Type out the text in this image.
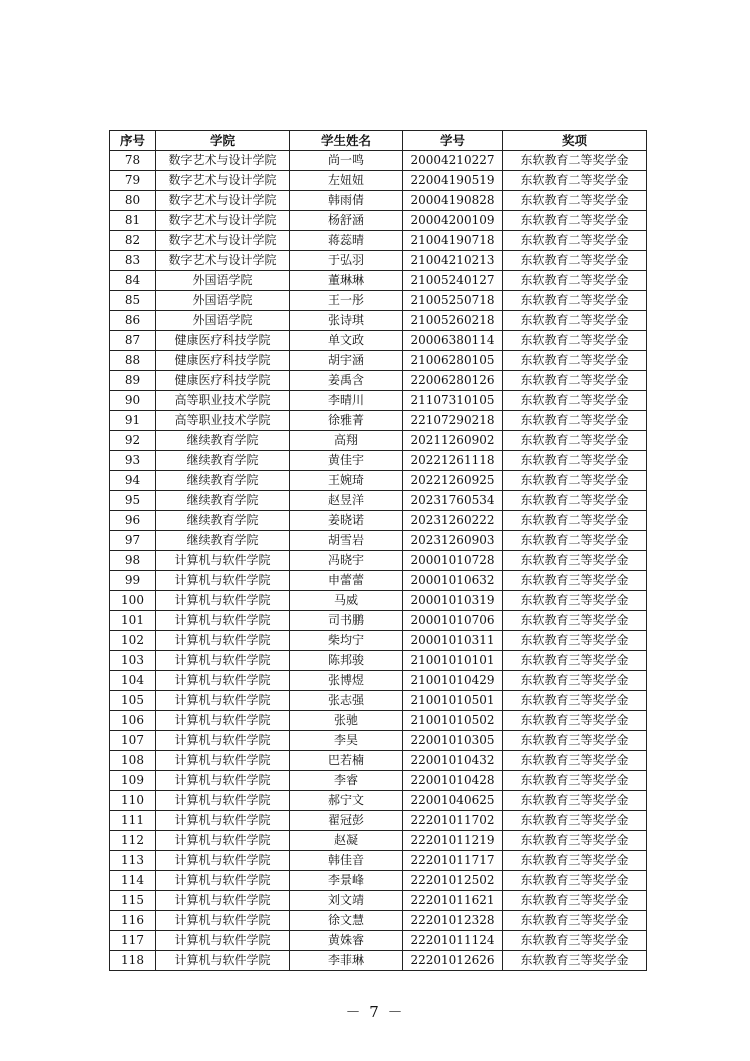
序号	学院	学生姓名	学号	奖项
78	数字艺术与设计学院	尚一鸣	20004210227	东软教育二等奖学金
79	数字艺术与设计学院	左妞妞	22004190519	东软教育二等奖学金
80	数字艺术与设计学院	韩雨倩	20004190828	东软教育二等奖学金
81	数字艺术与设计学院	杨舒涵	20004200109	东软教育二等奖学金
82	数字艺术与设计学院	蒋蕊晴	21004190718	东软教育二等奖学金
83	数字艺术与设计学院	于弘羽	21004210213	东软教育二等奖学金
84	外国语学院	董琳琳	21005240127	东软教育二等奖学金
85	外国语学院	王一彤	21005250718	东软教育二等奖学金
86	外国语学院	张诗琪	21005260218	东软教育二等奖学金
87	健康医疗科技学院	单文政	20006380114	东软教育二等奖学金
88	健康医疗科技学院	胡宇涵	21006280105	东软教育二等奖学金
89	健康医疗科技学院	姜禹含	22006280126	东软教育二等奖学金
90	高等职业技术学院	李晴川	21107310105	东软教育二等奖学金
91	高等职业技术学院	徐雅菁	22107290218	东软教育二等奖学金
92	继续教育学院	高翔	20211260902	东软教育二等奖学金
93	继续教育学院	黄佳宇	20221261118	东软教育二等奖学金
94	继续教育学院	王婉琦	20221260925	东软教育二等奖学金
95	继续教育学院	赵昱洋	20231760534	东软教育二等奖学金
96	继续教育学院	姜晓诺	20231260222	东软教育二等奖学金
97	继续教育学院	胡雪岩	20231260903	东软教育二等奖学金
98	计算机与软件学院	冯晓宇	20001010728	东软教育三等奖学金
99	计算机与软件学院	申蕾蕾	20001010632	东软教育三等奖学金
100	计算机与软件学院	马威	20001010319	东软教育三等奖学金
101	计算机与软件学院	司书鹏	20001010706	东软教育三等奖学金
102	计算机与软件学院	柴均宁	20001010311	东软教育三等奖学金
103	计算机与软件学院	陈邦骏	21001010101	东软教育三等奖学金
104	计算机与软件学院	张博煜	21001010429	东软教育三等奖学金
105	计算机与软件学院	张志强	21001010501	东软教育三等奖学金
106	计算机与软件学院	张驰	21001010502	东软教育三等奖学金
107	计算机与软件学院	李昊	22001010305	东软教育三等奖学金
108	计算机与软件学院	巴若楠	22001010432	东软教育三等奖学金
109	计算机与软件学院	李睿	22001010428	东软教育三等奖学金
110	计算机与软件学院	郝宁文	22001040625	东软教育三等奖学金
111	计算机与软件学院	翟冠彭	22201011702	东软教育三等奖学金
112	计算机与软件学院	赵凝	22201011219	东软教育三等奖学金
113	计算机与软件学院	韩佳音	22201011717	东软教育三等奖学金
114	计算机与软件学院	李景峰	22201012502	东软教育三等奖学金
115	计算机与软件学院	刘文靖	22201011621	东软教育三等奖学金
116	计算机与软件学院	徐文慧	22201012328	东软教育三等奖学金
117	计算机与软件学院	黄姝睿	22201011124	东软教育三等奖学金
118	计算机与软件学院	李菲琳	22201012626	东软教育三等奖学金
－ 7 －
